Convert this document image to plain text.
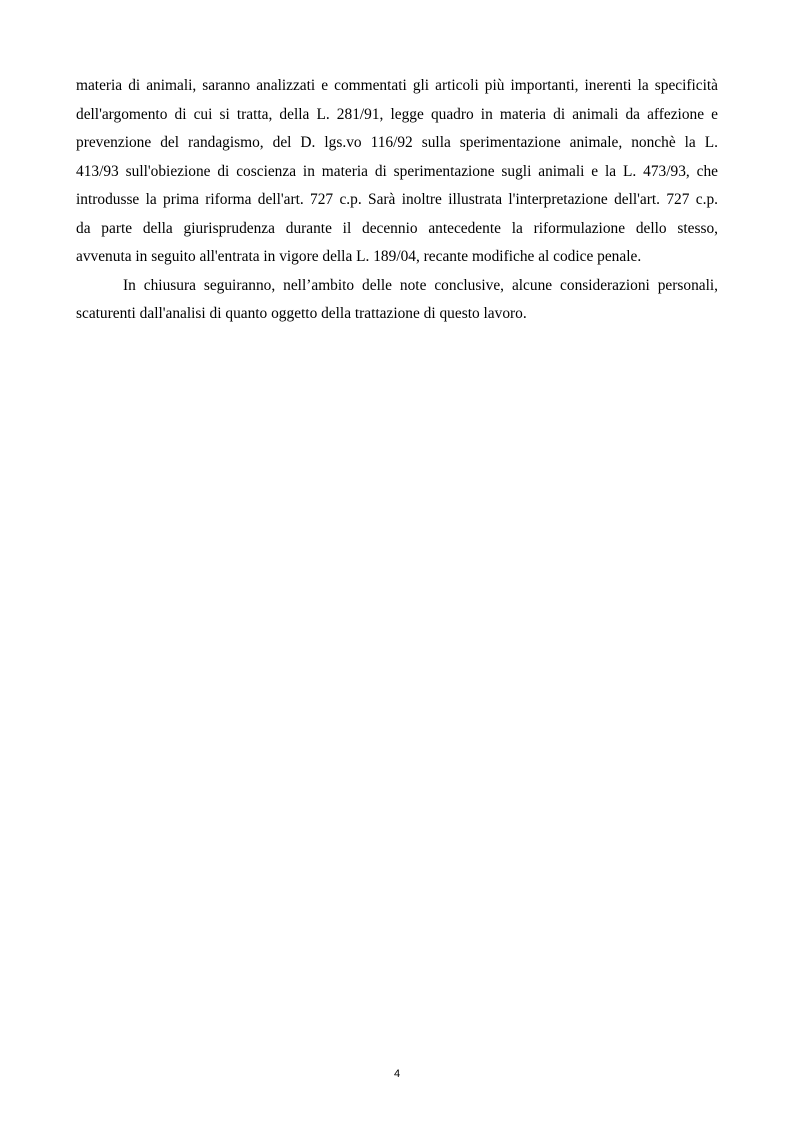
materia di animali, saranno analizzati e commentati gli articoli più importanti, inerenti la specificità
dell'argomento di cui si tratta, della L. 281/91, legge quadro in materia di animali da affezione e
prevenzione del randagismo, del D. lgs.vo 116/92 sulla sperimentazione animale, nonchè la L.
413/93 sull'obiezione di coscienza in materia di sperimentazione sugli animali e la L. 473/93, che
introdusse la prima riforma dell'art. 727 c.p. Sarà inoltre illustrata l'interpretazione dell'art. 727 c.p.
da parte della giurisprudenza durante il decennio antecedente la riformulazione dello stesso,
avvenuta in seguito all'entrata in vigore della L. 189/04, recante modifiche al codice penale.
In chiusura seguiranno, nell’ambito delle note conclusive, alcune considerazioni personali,
scaturenti dall'analisi di quanto oggetto della trattazione di questo lavoro.
4
